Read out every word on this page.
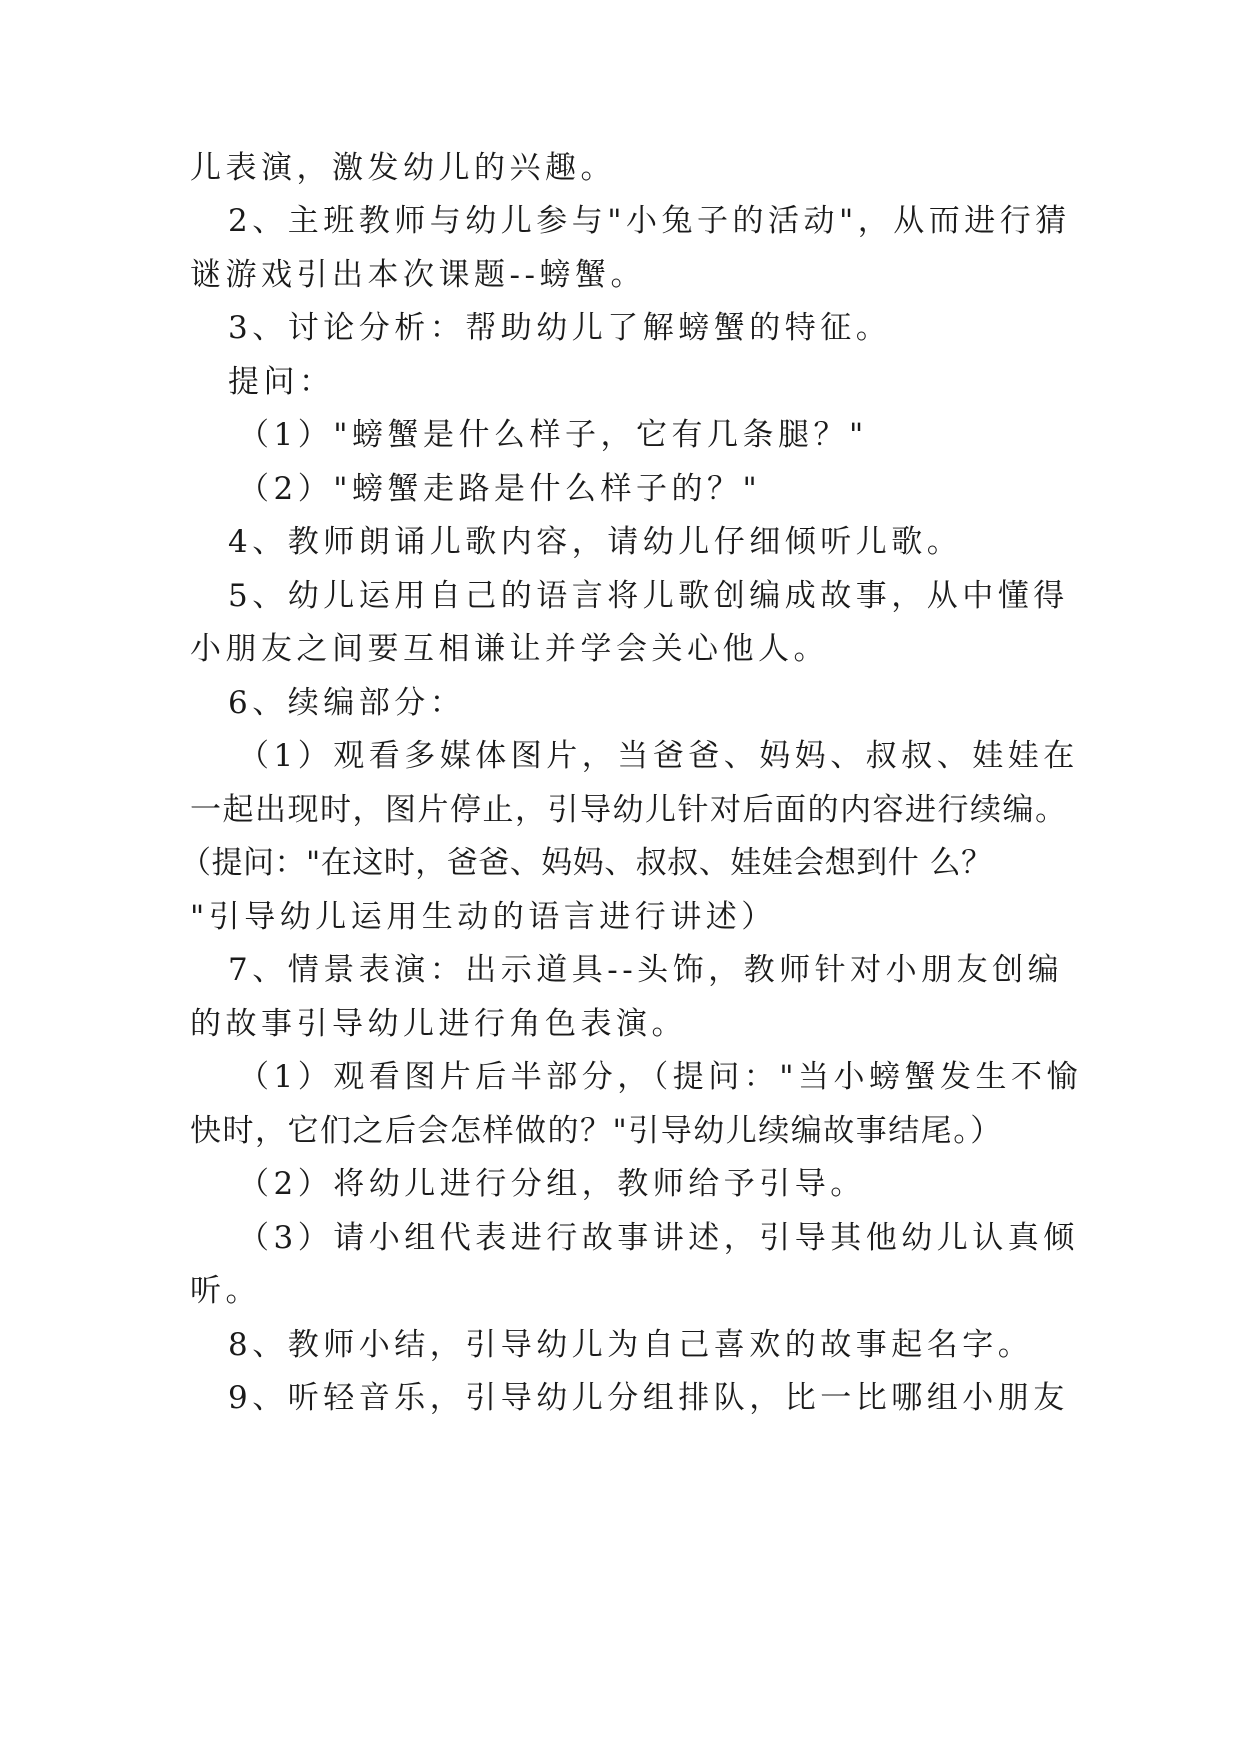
儿表演，激发幼儿的兴趣。
2、主班教师与幼儿参与"小兔子的活动"，从而进行猜
谜游戏引出本次课题--螃蟹。
3、讨论分析：帮助幼儿了解螃蟹的特征。
提问：
（1）"螃蟹是什么样子，它有几条腿？"
（2）"螃蟹走路是什么样子的？"
4、教师朗诵儿歌内容，请幼儿仔细倾听儿歌。
5、幼儿运用自己的语言将儿歌创编成故事，从中懂得
小朋友之间要互相谦让并学会关心他人。
6、续编部分：
（1）观看多媒体图片，当爸爸、妈妈、叔叔、娃娃在
一起出现时，图片停止，引导幼儿针对后面的内容进行续编。
（提问："在这时，爸爸、妈妈、叔叔、娃娃会想到什 么？
"引导幼儿运用生动的语言进行讲述）
7、情景表演：出示道具--头饰，教师针对小朋友创编
的故事引导幼儿进行角色表演。
（1）观看图片后半部分，（提问："当小螃蟹发生不愉
快时，它们之后会怎样做的？"引导幼儿续编故事结尾。）
（2）将幼儿进行分组，教师给予引导。
（3）请小组代表进行故事讲述，引导其他幼儿认真倾
听。
8、教师小结，引导幼儿为自己喜欢的故事起名字。
9、听轻音乐，引导幼儿分组排队，比一比哪组小朋友
